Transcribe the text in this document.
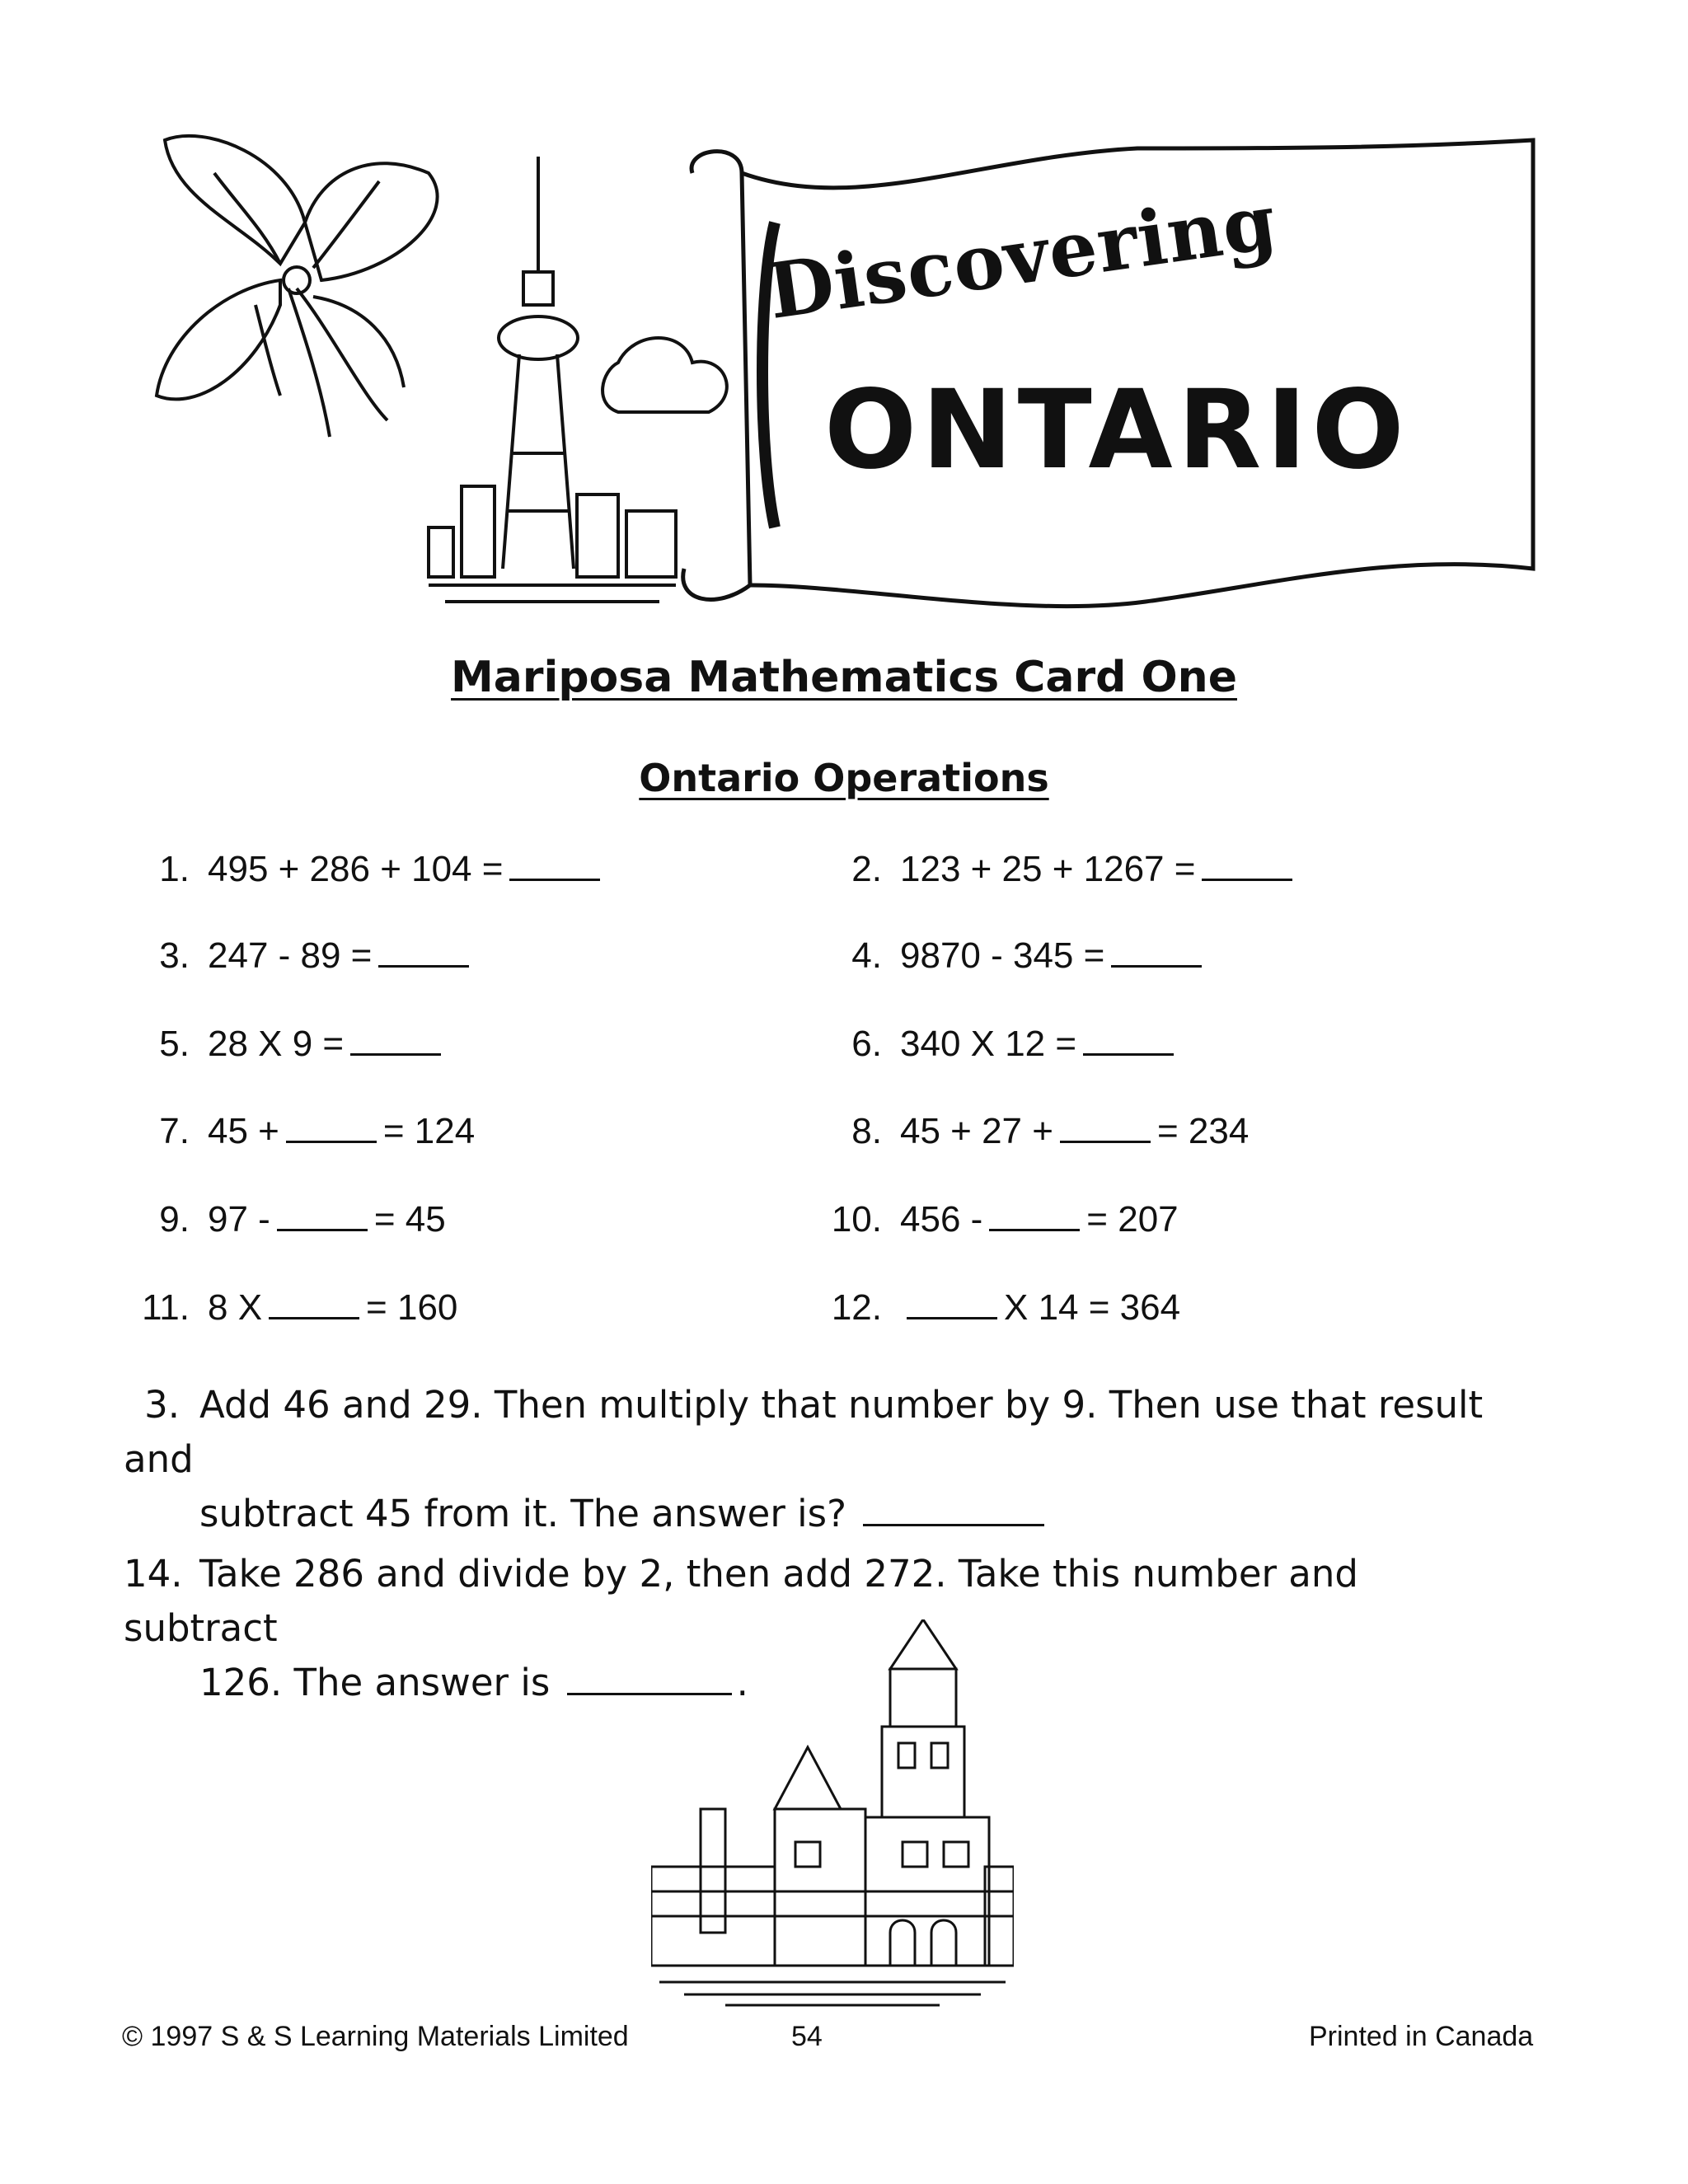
Discovering
ONTARIO
Mariposa Mathematics Card One
Ontario Operations
1. 495 + 286 + 104 =	2. 123 + 25 + 1267 =
3. 247 - 89 =	4. 9870 - 345 =
5. 28 X 9 =	6. 340 X 12 =
7. 45 +	= 124	8. 45 + 27 +	= 234
9. 97 -	= 45	10. 456 -	= 207
11. 8 X	= 160	12.	X 14 = 364
3. Add 46 and 29. Then multiply that number by 9. Then use that result and
subtract 45 from it. The answer is?
14. Take 286 and divide by 2, then add 272. Take this number and subtract
126. The answer is	.
© 1997 S & S Learning Materials Limited	54	Printed in Canada
